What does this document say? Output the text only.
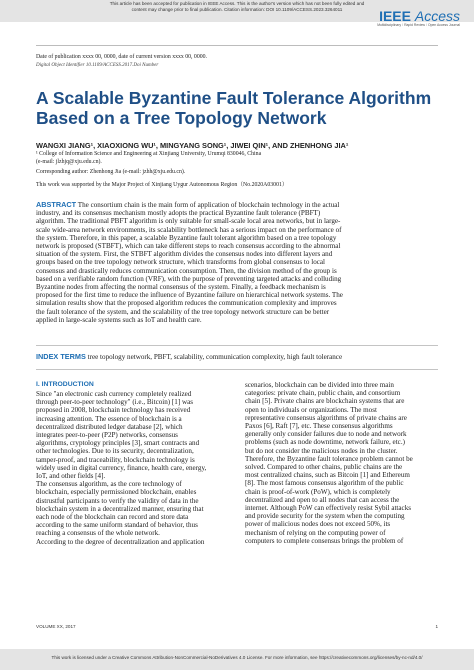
This article has been accepted for publication in IEEE Access. This is the author's version which has not been fully edited and
content may change prior to final publication. Citation information: DOI 10.1109/ACCESS.2023.3264011	IEEE Access
Multidisciplinary ⁝ Rapid Review ⁝ Open Access Journal
Date of publication xxxx 00, 0000, date of current version xxxx 00, 0000.
Digital Object Identifier 10.1109/ACCESS.2017.Doi Number
A Scalable Byzantine Fault Tolerance Algorithm
Based on a Tree Topology Network
WANGXI JIANG¹, XIAOXIONG WU¹, MINGYANG SONG¹, JIWEI QIN¹, AND ZHENHONG JIA¹
¹ College of Information Science and Engineering at Xinjiang University, Urumqi 830046, China
(e-mail: jlzhjq@xju.edu.cn).
Corresponding author: Zhenhong Jia (e-mail: jzhh@xju.edu.cn).
This work was supported by the Major Project of Xinjiang Uygur Autonomous Region（No.2020A03001）
ABSTRACT The consortium chain is the main form of application of blockchain technology in the actual
industry, and its consensus mechanism mostly adopts the practical Byzantine fault tolerance (PBFT)
algorithm. The traditional PBFT algorithm is only suitable for small-scale local area networks, but in large-
scale wide-area network environments, its scalability bottleneck has a serious impact on the performance of
the system. Therefore, in this paper, a scalable Byzantine fault tolerant algorithm based on a tree topology
network is proposed (STBFT), which can take different steps to reach consensus according to the abnormal
situation of the system. First, the STBFT algorithm divides the consensus nodes into different layers and
groups based on the tree topology network structure, which transforms from global consensus to local
consensus and drastically reduces communication consumption. Then, the division method of the group is
based on a verifiable random function (VRF), with the purpose of preventing targeted attacks and colluding
Byzantine nodes from affecting the normal consensus of the system. Finally, a feedback mechanism is
proposed for the first time to reduce the influence of Byzantine failure on hierarchical network systems. The
simulation results show that the proposed algorithm reduces the communication complexity and improves
the fault tolerance of the system, and the scalability of the tree topology network structure can be better
applied in large-scale systems such as IoT and health care.
INDEX TERMS tree topology network, PBFT, scalability, communication complexity, high fault tolerance
I. INTRODUCTION
Since "an electronic cash currency completely realized
through peer-to-peer technology" (i.e., Bitcoin) [1] was
proposed in 2008, blockchain technology has received
increasing attention. The essence of blockchain is a
decentralized distributed ledger database [2], which
integrates peer-to-peer (P2P) networks, consensus
algorithms, cryptology principles [3], smart contracts and
other technologies. Due to its security, decentralization,
tamper-proof, and traceability, blockchain technology is
widely used in digital currency, finance, health care, energy,
IoT, and other fields [4].
The consensus algorithm, as the core technology of
blockchain, especially permissioned blockchain, enables
distrustful participants to verify the validity of data in the
blockchain system in a decentralized manner, ensuring that
each node of the blockchain can record and store data
according to the same uniform standard of behavior, thus
reaching a consensus of the whole network.
According to the degree of decentralization and application
scenarios, blockchain can be divided into three main
categories: private chain, public chain, and consortium
chain [5]. Private chains are blockchain systems that are
open to individuals or organizations. The most
representative consensus algorithms of private chains are
Paxos [6], Raft [7], etc. These consensus algorithms
generally only consider failures due to node and network
problems (such as node downtime, network failure, etc.)
but do not consider the malicious nodes in the cluster.
Therefore, the Byzantine fault tolerance problem cannot be
solved. Compared to other chains, public chains are the
most centralized chains, such as Bitcoin [1] and Ethereum
[8]. The most famous consensus algorithm of the public
chain is proof-of-work (PoW), which is completely
decentralized and open to all nodes that can access the
internet. Although PoW can effectively resist Sybil attacks
and provide security for the system when the computing
power of malicious nodes does not exceed 50%, its
mechanism of relying on the computing power of
computers to complete consensus brings the problem of
VOLUME XX, 2017	1
This work is licensed under a Creative Commons Attribution-NonCommercial-NoDerivatives 4.0 License. For more information, see https://creativecommons.org/licenses/by-nc-nd/4.0/
